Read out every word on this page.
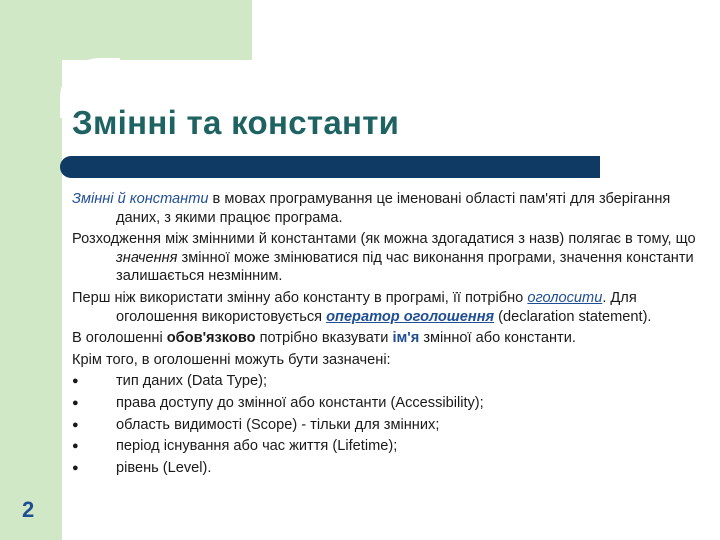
Змінні та константи

Змінні й константи в мовах програмування це іменовані області пам'яті для зберігання даних, з якими працює програма.

Розходження між змінними й константами (як можна здогадатися з назв) полягає в тому, що значення змінної може змінюватися під час виконання програми, значення константи залишається незмінним.

Перш ніж використати змінну або константу в програмі, її потрібно оголосити. Для оголошення використовується оператор оголошення (declaration statement).

В оголошенні обов'язково потрібно вказувати ім'я змінної або константи.

Крім того, в оголошенні можуть бути зазначені:

●	тип даних (Data Type);
●	права доступу до змінної або константи (Accessibility);
●	область видимості (Scope) - тільки для змінних;
●	період існування або час життя (Lifetime);
●	рівень (Level).
2
